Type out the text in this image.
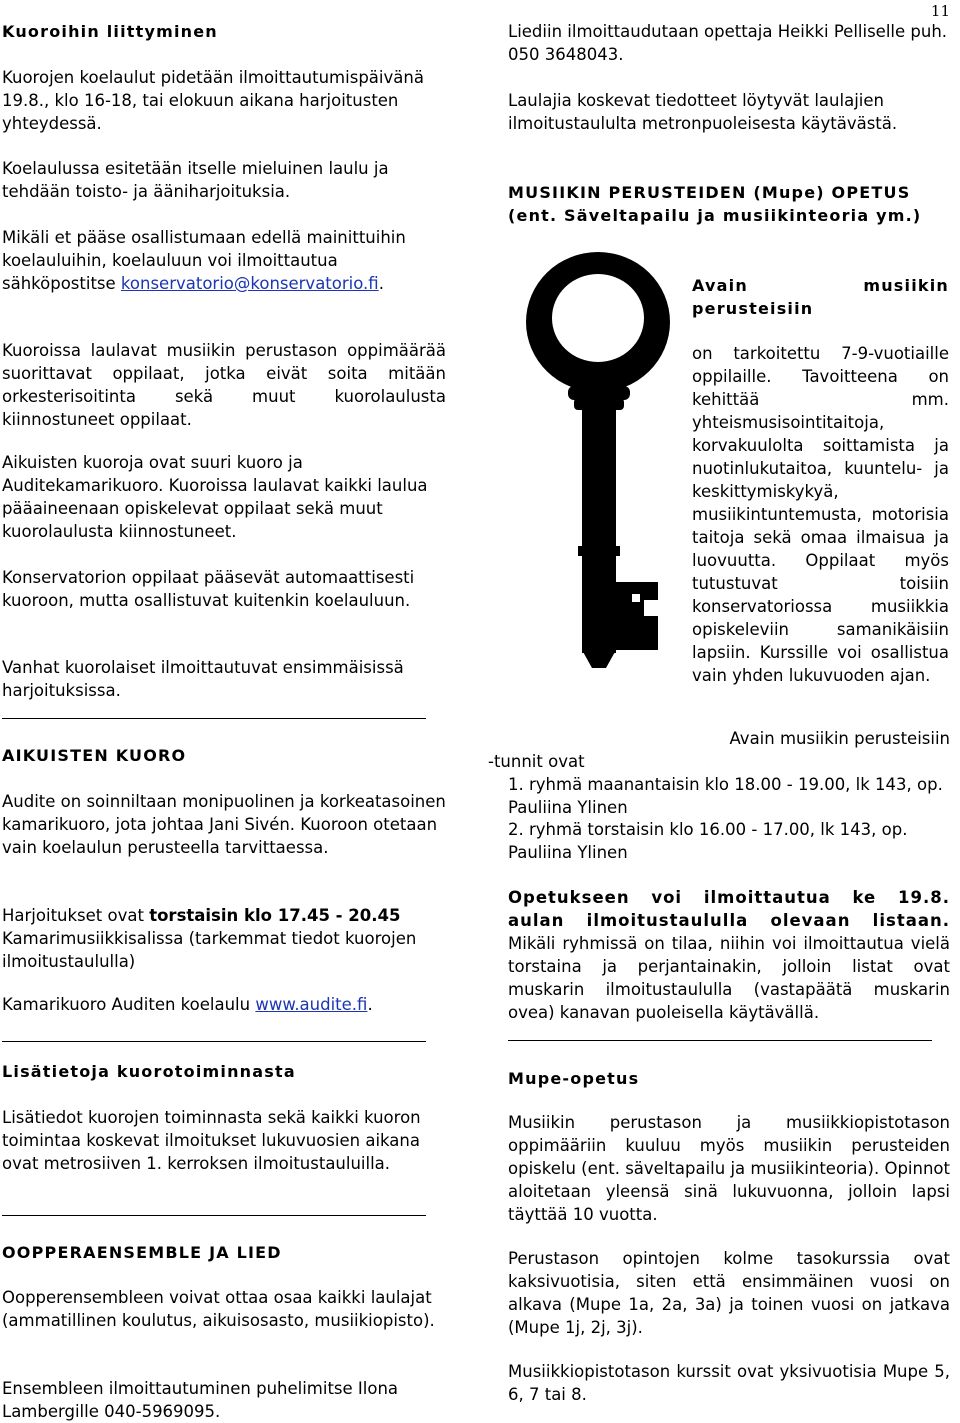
11
Kuoroihin liittyminen

Kuorojen koelaulut pidetään ilmoittautumispäivänä 19.8., klo 16-18, tai elokuun aikana harjoitusten yhteydessä.

Koelaulussa esitetään itselle mieluinen laulu ja tehdään toisto- ja ääniharjoituksia.

Mikäli et pääse osallistumaan edellä mainittuihin koelauluihin, koelauluun voi ilmoittautua sähköpostitse konservatorio@konservatorio.fi.

Kuoroissa laulavat musiikin perustason oppimäärää suorittavat oppilaat, jotka eivät soita mitään orkesterisoitinta sekä muut kuorolaulusta kiinnostuneet oppilaat.

Aikuisten kuoroja ovat suuri kuoro ja Auditekamarikuoro. Kuoroissa laulavat kaikki laulua pääaineenaan opiskelevat oppilaat sekä muut kuorolaulusta kiinnostuneet.

Konservatorion oppilaat pääsevät automaattisesti kuoroon, mutta osallistuvat kuitenkin koelauluun.

Vanhat kuorolaiset ilmoittautuvat ensimmäisissä harjoituksissa.

AIKUISTEN KUORO

Audite on soinniltaan monipuolinen ja korkeatasoinen kamarikuoro, jota johtaa Jani Sivén. Kuoroon otetaan vain koelaulun perusteella tarvittaessa.

Harjoitukset ovat torstaisin klo 17.45 - 20.45 Kamarimusiikkisalissa (tarkemmat tiedot kuorojen ilmoitustaululla)

Kamarikuoro Auditen koelaulu www.audite.fi.

Lisätietoja kuorotoiminnasta

Lisätiedot kuorojen toiminnasta sekä kaikki kuoron toimintaa koskevat ilmoitukset lukuvuosien aikana ovat metrosiiven 1. kerroksen ilmoitustauluilla.

OOPPERAENSEMBLE JA LIED

Oopperensembleen voivat ottaa osaa kaikki laulajat (ammatillinen koulutus, aikuisosasto, musiikiopisto).

Ensembleen ilmoittautuminen puhelimitse Ilona Lambergille 040-5969095.

Liediin ilmoittaudutaan opettaja Heikki Pelliselle puh. 050 3648043.

Laulajia koskevat tiedotteet löytyvät laulajien ilmoitustaululta metronpuoleisesta käytävästä.

MUSIIKIN PERUSTEIDEN (Mupe) OPETUS
(ent. Säveltapailu ja musiikinteoria ym.)
Avain musiikin perusteisiin

on tarkoitettu 7-9-vuotiaille oppilaille. Tavoitteena on kehittää mm. yhteismusisointitaitoja, korvakuulolta soittamista ja nuotinlukutaitoa, kuuntelu- ja keskittymiskykyä, musiikintuntemusta, motorisia taitoja sekä omaa ilmaisua ja luovuutta. Oppilaat myös tutustuvat toisiin konservatoriossa musiikkia opiskeleviin samanikäisiin lapsiin. Kurssille voi osallistua vain yhden lukuvuoden ajan.

Avain musiikin perusteisiin

-tunnit ovat

1. ryhmä maanantaisin klo 18.00 - 19.00, lk 143, op. Pauliina Ylinen

2. ryhmä torstaisin klo 16.00 - 17.00, lk 143, op. Pauliina Ylinen

Opetukseen voi ilmoittautua ke 19.8. aulan ilmoitustaululla olevaan listaan. Mikäli ryhmissä on tilaa, niihin voi ilmoittautua vielä torstaina ja perjantainakin, jolloin listat ovat muskarin ilmoitustaululla (vastapäätä muskarin ovea) kanavan puoleisella käytävällä.

Mupe-opetus

Musiikin perustason ja musiikkiopistotason oppimääriin kuuluu myös musiikin perusteiden opiskelu (ent. säveltapailu ja musiikinteoria). Opinnot aloitetaan yleensä sinä lukuvuonna, jolloin lapsi täyttää 10 vuotta.

Perustason opintojen kolme tasokurssia ovat kaksivuotisia, siten että ensimmäinen vuosi on alkava (Mupe 1a, 2a, 3a) ja toinen vuosi on jatkava (Mupe 1j, 2j, 3j).

Musiikkiopistotason kurssit ovat yksivuotisia Mupe 5, 6, 7 tai 8.
